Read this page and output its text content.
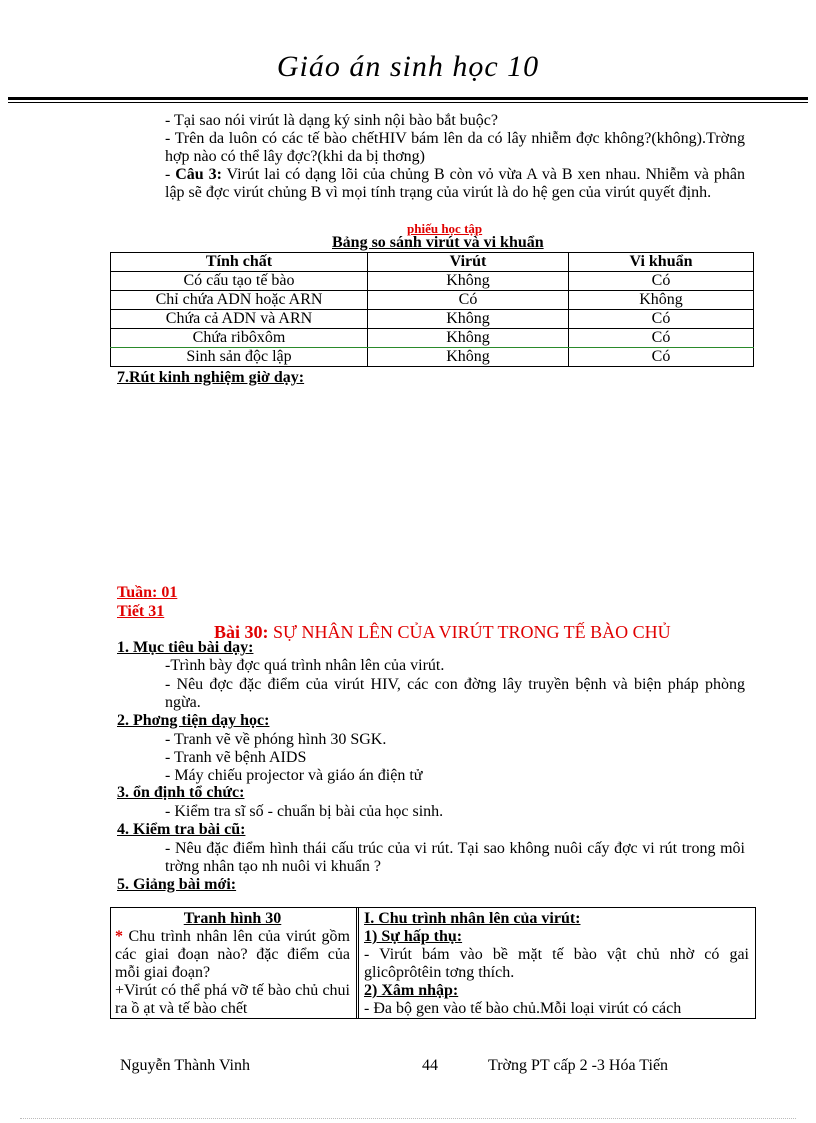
Giáo án sinh học 10
- Tại sao nói virút là dạng ký sinh nội bào bắt buộc?
- Trên da luôn có các tế bào chếtHIV bám lên da có lây nhiễm đợc không?(không).Trờng hợp nào có thể lây đợc?(khi da bị thơng)
- Câu 3: Virút lai có dạng lõi của chủng B còn vỏ vừa A và B xen nhau. Nhiễm và phân lập sẽ đợc virút chủng B vì mọi tính trạng của virút là do hệ gen của virút quyết định.
phiếu học tập
Bảng so sánh virút và vi khuẩn
Tính chất	Virút	Vi khuẩn
Có cấu tạo tế bào	Không	Có
Chỉ chứa ADN hoặc ARN	Có	Không
Chứa cả ADN và ARN	Không	Có
Chứa ribôxôm	Không	Có
Sinh sản độc lập	Không	Có
7.Rút kinh nghiệm giờ dạy:
Tuần: 01
Tiết 31
Bài 30: SỰ NHÂN LÊN CỦA VIRÚT TRONG TẾ BÀO CHỦ
1. Mục tiêu bài dạy:
-Trình bày đợc quá trình nhân lên của virút.
- Nêu đợc đặc điểm của virút HIV, các con đờng lây truyền bệnh và biện pháp phòng ngừa.
2. Phơng tiện dạy học:
- Tranh vẽ về phóng hình 30 SGK.
- Tranh vẽ bệnh AIDS
- Máy chiếu projector và giáo án điện tử
3. ổn định tổ chức:
- Kiểm tra sĩ số - chuẩn bị bài của học sinh.
4. Kiểm tra bài cũ:
- Nêu đặc điểm hình thái cấu trúc của vi rút. Tại sao không nuôi cấy đợc vi rút trong môi trờng nhân tạo nh nuôi vi khuẩn ?
5. Giảng bài mới:
Tranh hình 30
* Chu trình nhân lên của virút gồm các giai đoạn nào? đặc điểm của mỗi giai đoạn?
+Virút có thể phá vỡ tế bào chủ chui ra ồ ạt và tế bào chết
I. Chu trình nhân lên của virút:
1) Sự hấp thụ:
- Virút bám vào bề mặt tế bào vật chủ nhờ có gai glicôprôtêin tơng thích.
2) Xâm nhập:
- Đa bộ gen vào tế bào chủ.Mỗi loại virút có cách
Nguyễn Thành Vinh	44	Trờng PT cấp 2 -3 Hóa Tiến
